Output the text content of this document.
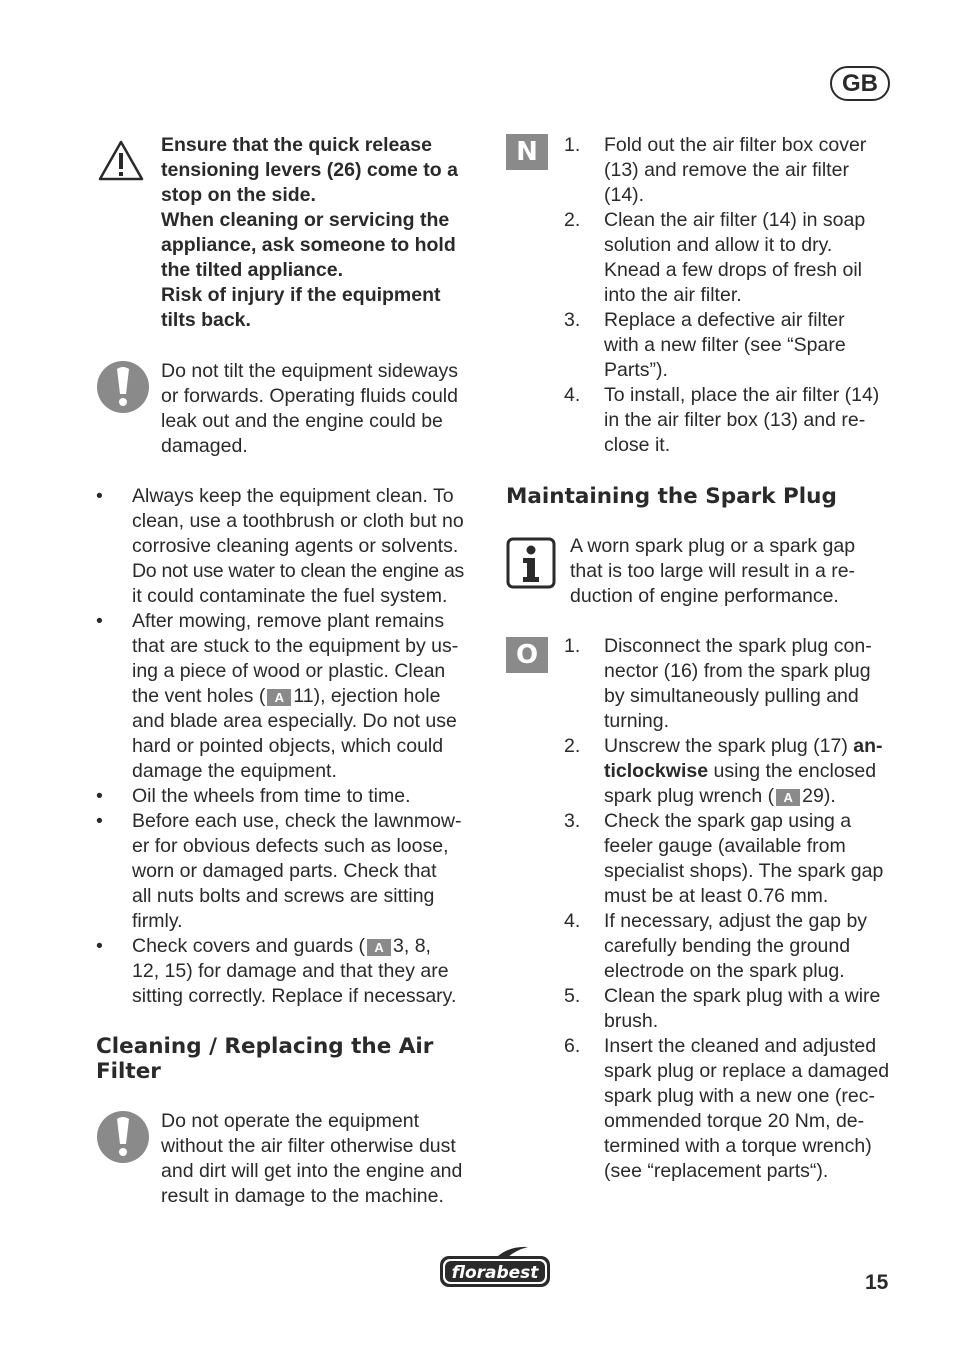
GB
Ensure that the quick release
tensioning levers (26) come to a
stop on the side.
When cleaning or servicing the
appliance, ask someone to hold
the tilted appliance.
Risk of injury if the equipment
tilts back.
Do not tilt the equipment sideways
or forwards. Operating fluids could
leak out and the engine could be
damaged.
• Always keep the equipment clean. To
clean, use a toothbrush or cloth but no
corrosive cleaning agents or solvents.
Do not use water to clean the engine as
it could contaminate the fuel system.
• After mowing, remove plant remains
that are stuck to the equipment by us-
ing a piece of wood or plastic. Clean
the vent holes ( A 11), ejection hole
and blade area especially. Do not use
hard or pointed objects, which could
damage the equipment.
• Oil the wheels from time to time.
• Before each use, check the lawnmow-
er for obvious defects such as loose,
worn or damaged parts. Check that
all nuts bolts and screws are sitting
firmly.
• Check covers and guards ( A 3, 8,
12, 15) for damage and that they are
sitting correctly. Replace if necessary.
Cleaning / Replacing the Air
Filter
Do not operate the equipment
without the air filter otherwise dust
and dirt will get into the engine and
result in damage to the machine.
N	1. Fold out the air filter box cover
(13) and remove the air filter
(14).
2. Clean the air filter (14) in soap
solution and allow it to dry.
Knead a few drops of fresh oil
into the air filter.
3. Replace a defective air filter
with a new filter (see “Spare
Parts”).
4. To install, place the air filter (14)
in the air filter box (13) and re-
close it.
Maintaining the Spark Plug
A worn spark plug or a spark gap
that is too large will result in a re-
duction of engine performance.
O	1. Disconnect the spark plug con-
nector (16) from the spark plug
by simultaneously pulling and
turning.
2. Unscrew the spark plug (17) an-
ticlockwise using the enclosed
spark plug wrench ( A 29).
3. Check the spark gap using a
feeler gauge (available from
specialist shops). The spark gap
must be at least 0.76 mm.
4. If necessary, adjust the gap by
carefully bending the ground
electrode on the spark plug.
5. Clean the spark plug with a wire
brush.
6. Insert the cleaned and adjusted
spark plug or replace a damaged
spark plug with a new one (rec-
ommended torque 20 Nm, de-
termined with a torque wrench)
(see “replacement parts“).
florabest	15
